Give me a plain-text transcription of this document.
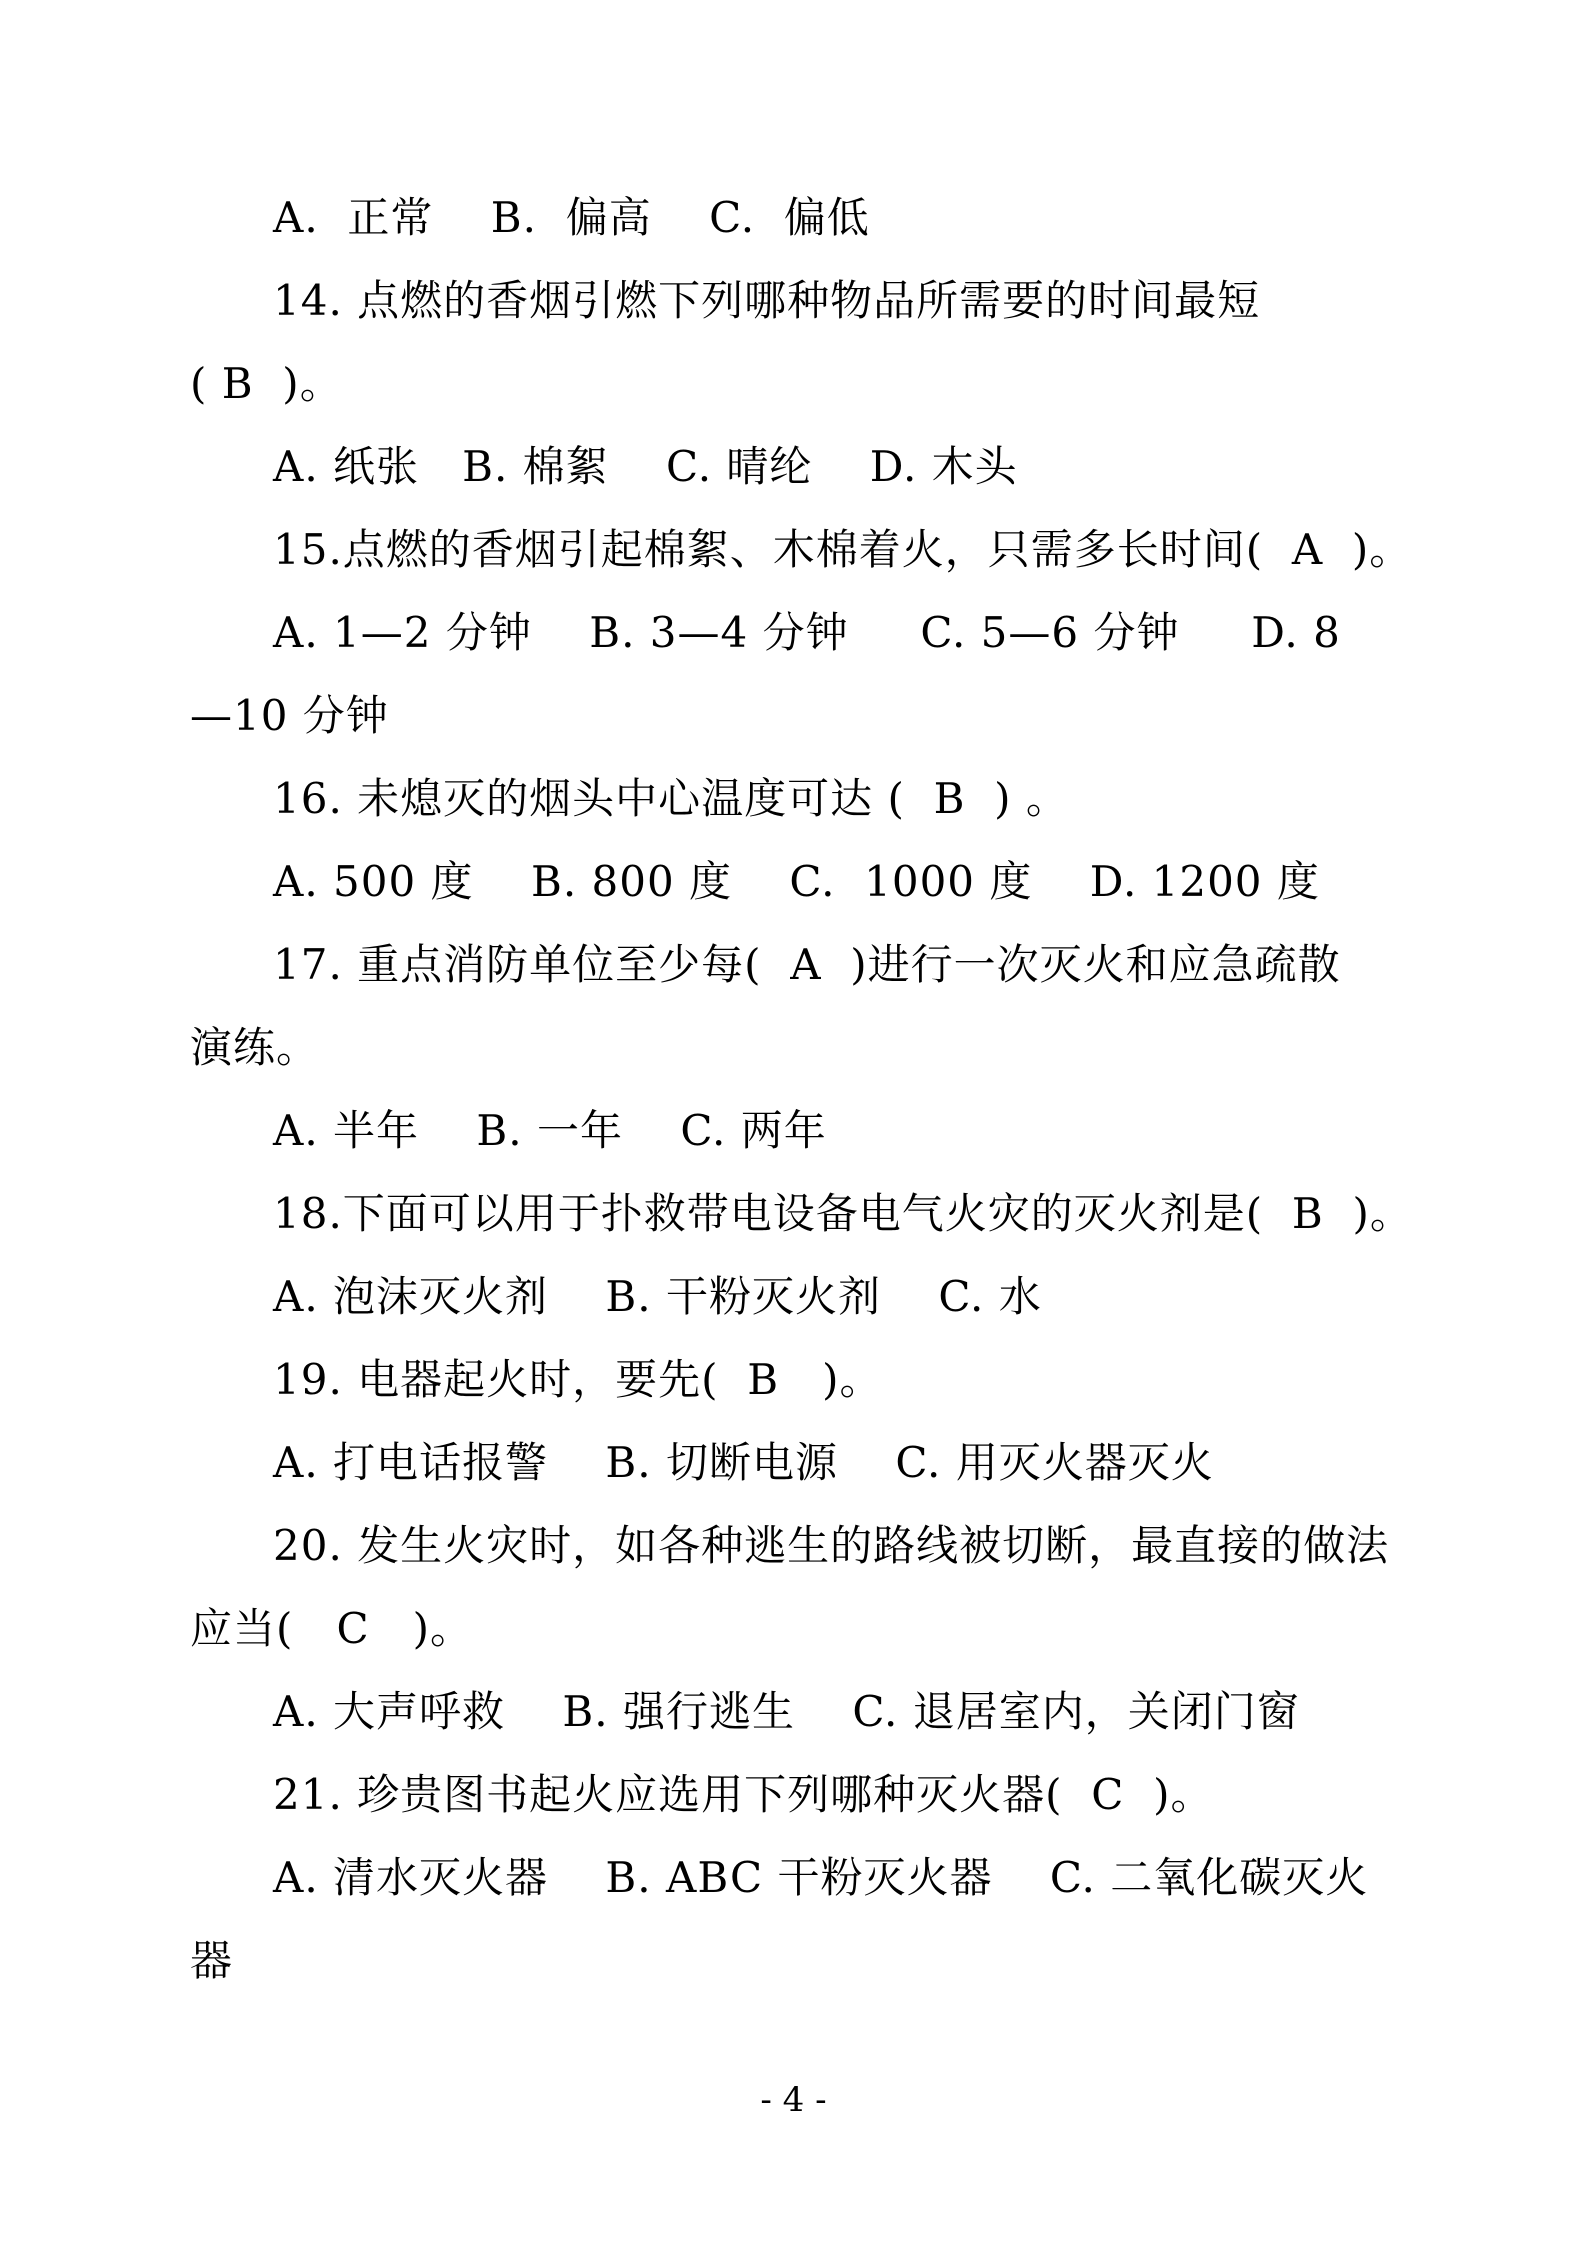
A.  正常    B.  偏高    C.  偏低
14. 点燃的香烟引燃下列哪种物品所需要的时间最短
( B  )。
A. 纸张   B. 棉絮    C. 晴纶    D. 木头
15.点燃的香烟引起棉絮、木棉着火，只需多长时间(  A  )。
A. 1—2 分钟    B. 3—4 分钟     C. 5—6 分钟     D. 8
—10 分钟
16. 未熄灭的烟头中心温度可达 (  B  ) 。
A. 500 度    B. 800 度    C.  1000 度    D. 1200 度
17. 重点消防单位至少每(  A  )进行一次灭火和应急疏散
演练。
A. 半年    B. 一年    C. 两年
18.下面可以用于扑救带电设备电气火灾的灭火剂是(  B  )。
A. 泡沫灭火剂    B. 干粉灭火剂    C. 水
19. 电器起火时，要先(  B   )。
A. 打电话报警    B. 切断电源    C. 用灭火器灭火
20. 发生火灾时，如各种逃生的路线被切断，最直接的做法
应当(   C   )。
A. 大声呼救    B. 强行逃生    C. 退居室内，关闭门窗
21. 珍贵图书起火应选用下列哪种灭火器(  C  )。
A. 清水灭火器    B. ABC 干粉灭火器    C. 二氧化碳灭火
器
- 4 -
